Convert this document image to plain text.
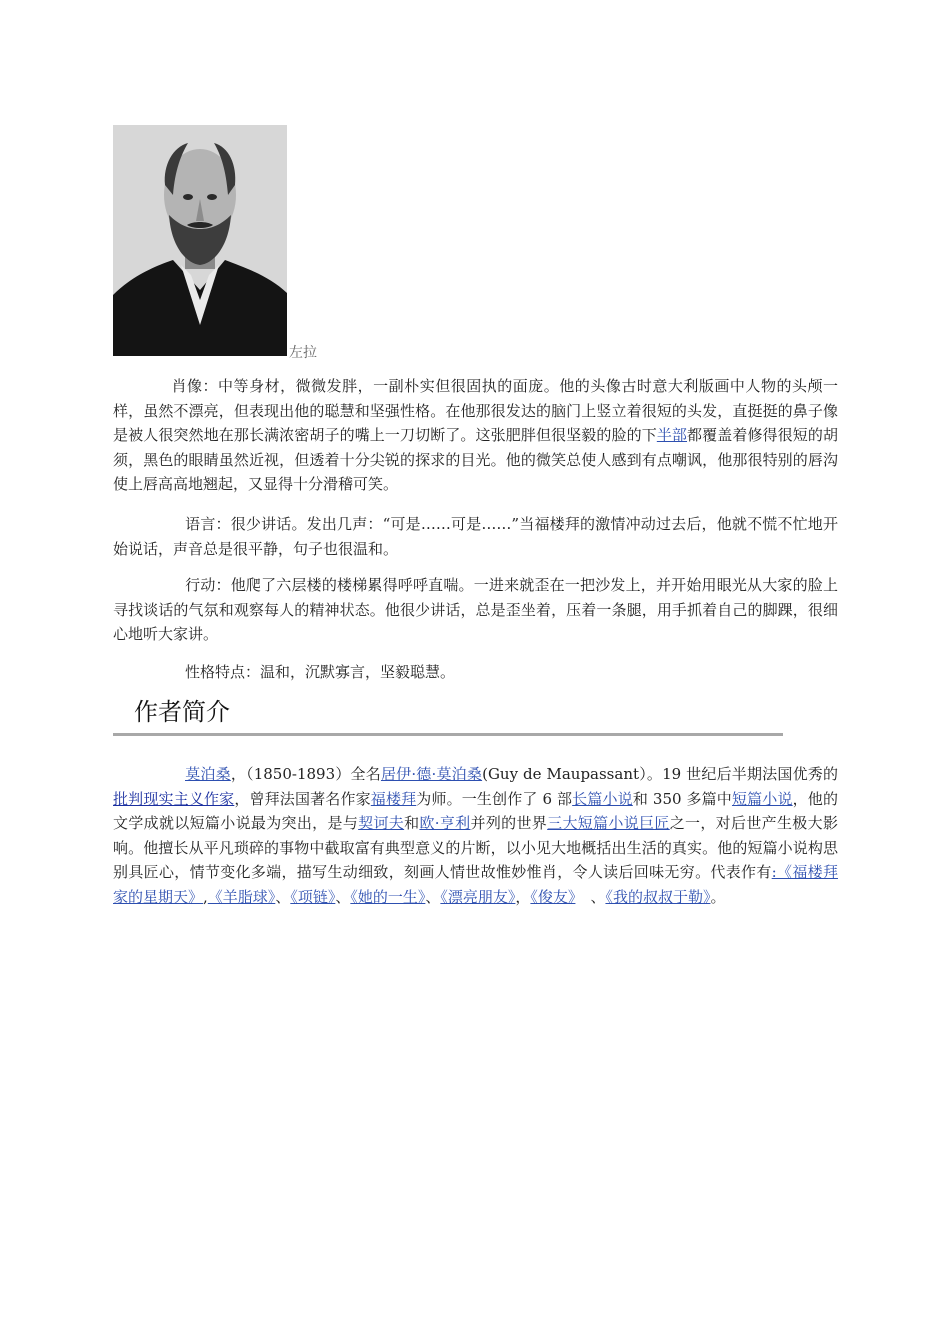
左拉

肖像：中等身材，微微发胖，一副朴实但很固执的面庞。他的头像古时意大利版画中人物的头颅一样，虽然不漂亮，但表现出他的聪慧和坚强性格。在他那很发达的脑门上竖立着很短的头发，直挺挺的鼻子像是被人很突然地在那长满浓密胡子的嘴上一刀切断了。这张肥胖但很坚毅的脸的下半部都覆盖着修得很短的胡须，黑色的眼睛虽然近视，但透着十分尖锐的探求的目光。他的微笑总使人感到有点嘲讽，他那很特别的唇沟使上唇高高地翘起，又显得十分滑稽可笑。

语言：很少讲话。发出几声：“可是……可是……”当福楼拜的激情冲动过去后，他就不慌不忙地开始说话，声音总是很平静，句子也很温和。

行动：他爬了六层楼的楼梯累得呼呼直喘。一进来就歪在一把沙发上，并开始用眼光从大家的脸上寻找谈话的气氛和观察每人的精神状态。他很少讲话，总是歪坐着，压着一条腿，用手抓着自己的脚踝，很细心地听大家讲。

性格特点：温和，沉默寡言，坚毅聪慧。

作者简介

莫泊桑，（1850-1893）全名居伊·德·莫泊桑(Guy de Maupassant）。19 世纪后半期法国优秀的批判现实主义作家，曾拜法国著名作家福楼拜为师。一生创作了 6 部长篇小说和 350 多篇中短篇小说，他的文学成就以短篇小说最为突出，是与契诃夫和欧·亨利并列的世界三大短篇小说巨匠之一，对后世产生极大影响。他擅长从平凡琐碎的事物中截取富有典型意义的片断，以小见大地概括出生活的真实。他的短篇小说构思别具匠心，情节变化多端，描写生动细致，刻画人情世故惟妙惟肖，令人读后回味无穷。代表作有:《福楼拜家的星期天》,《羊脂球》、《项链》、《她的一生》、《漂亮朋友》，《俊友》　、《我的叔叔于勒》。
